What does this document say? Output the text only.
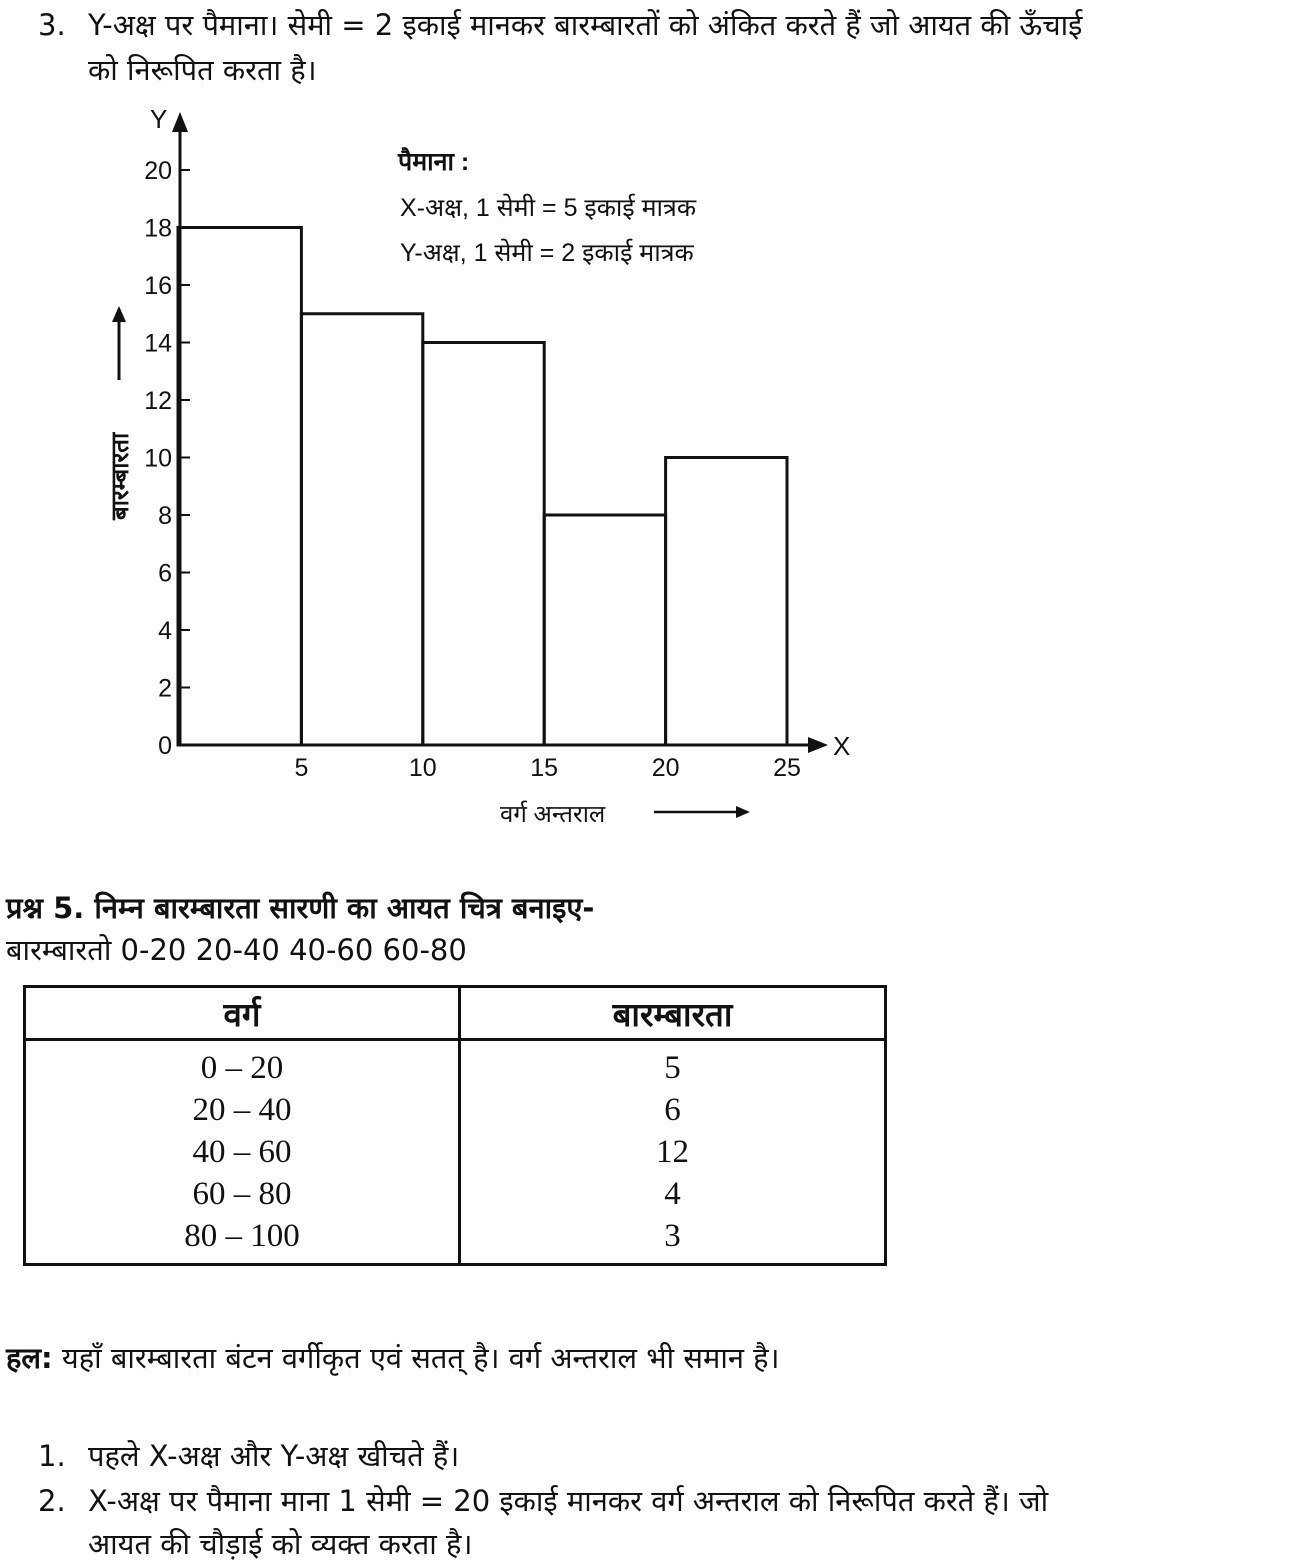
3. Y-अक्ष पर पैमाना। सेमी = 2 इकाई मानकर बारम्बारतों को अंकित करते हैं जो आयत की ऊँचाई
को निरूपित करता है।
0
2
4
6
8
10
12
14
16
18
20
5	10	15	20	25
Y
X
बारम्बारता
वर्ग अन्तराल
पैमाना :
X-अक्ष, 1 सेमी = 5 इकाई मात्रक
Y-अक्ष, 1 सेमी = 2 इकाई मात्रक
प्रश्न 5. निम्न बारम्बारता सारणी का आयत चित्र बनाइए-
बारम्बारतो 0-20 20-40 40-60 60-80
वर्ग	बारम्बारता
0 – 20	5
20 – 40	6
40 – 60	12
60 – 80	4
80 – 100	3
हल: यहाँ बारम्बारता बंटन वर्गीकृत एवं सतत् है। वर्ग अन्तराल भी समान है।
1. पहले X-अक्ष और Y-अक्ष खीचते हैं।
2. X-अक्ष पर पैमाना माना 1 सेमी = 20 इकाई मानकर वर्ग अन्तराल को निरूपित करते हैं। जो
आयत की चौड़ाई को व्यक्त करता है।
